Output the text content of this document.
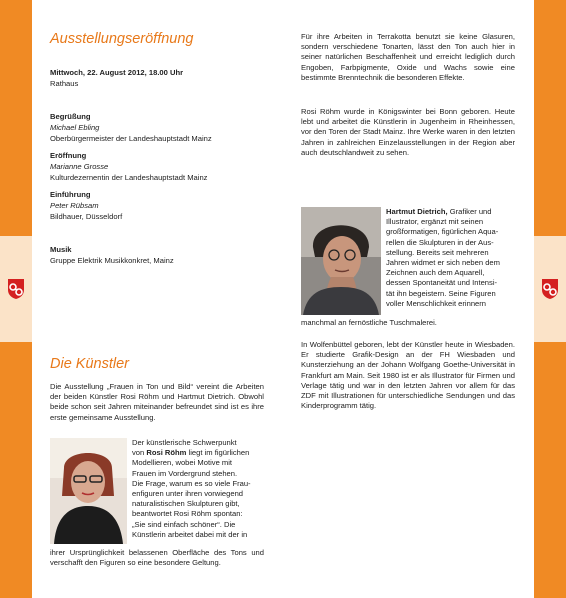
Ausstellungseröffnung
Mittwoch, 22. August 2012, 18.00 Uhr
Rathaus
Begrüßung
Michael Ebling
Oberbürgermeister der Landeshauptstadt Mainz
Eröffnung
Marianne Grosse
Kulturdezernentin der Landeshauptstadt Mainz
Einführung
Peter Rübsam
Bildhauer, Düsseldorf
Musik
Gruppe Elektrik Musikkonkret, Mainz
Die Künstler

Die Ausstellung „Frauen in Ton und Bild“ vereint die Arbeiten der beiden Künstler Rosi Röhm und Hartmut Dietrich. Obwohl beide schon seit Jahren miteinander befreundet sind ist es ihre erste gemeinsame Ausstellung.

Der künstlerische Schwerpunkt
von Rosi Röhm liegt im figürlichen
Modellieren, wobei Motive mit
Frauen im Vordergrund stehen.
Die Frage, warum es so viele Frau-
enfiguren unter ihren vorwiegend
naturalistischen Skulpturen gibt,
beantwortet Rosi Röhm spontan:
„Sie sind einfach schöner“. Die
Künstlerin arbeitet dabei mit der in

ihrer Ursprünglichkeit belassenen Oberfläche des Tons und verschafft den Figuren so eine besondere Geltung.

Für ihre Arbeiten in Terrakotta benutzt sie keine Glasuren, sondern verschiedene Tonarten, lässt den Ton auch hier in seiner natürlichen Beschaffenheit und erreicht lediglich durch Engoben, Farbpigmente, Oxide und Wachs sowie eine bestimmte Brenntechnik die besonderen Effekte.

Rosi Röhm wurde in Königswinter bei Bonn geboren. Heute lebt und arbeitet die Künstlerin in Jugenheim in Rheinhessen, vor den Toren der Stadt Mainz. Ihre Werke waren in den letzten Jahren in zahlreichen Einzelausstellungen in der Region aber auch deutschlandweit zu sehen.

Hartmut Dietrich, Grafiker und
Illustrator, ergänzt mit seinen
großformatigen, figürlichen Aqua-
rellen die Skulpturen in der Aus-
stellung. Bereits seit mehreren
Jahren widmet er sich neben dem
Zeichnen auch dem Aquarell,
dessen Spontaneität und Intensi-
tät ihn begeistern. Seine Figuren
voller Menschlichkeit erinnern

manchmal an fernöstliche Tuschmalerei.

In Wolfenbüttel geboren, lebt der Künstler heute in Wiesbaden. Er studierte Grafik-Design an der FH Wiesbaden und Kunsterziehung an der Johann Wolfgang Goethe-Universität in Frankfurt am Main. Seit 1980 ist er als Illustrator für Firmen und Verlage tätig und war in den letzten Jahren vor allem für das ZDF mit Illustrationen für unterschiedliche Sendungen und das Kinderprogramm tätig.
